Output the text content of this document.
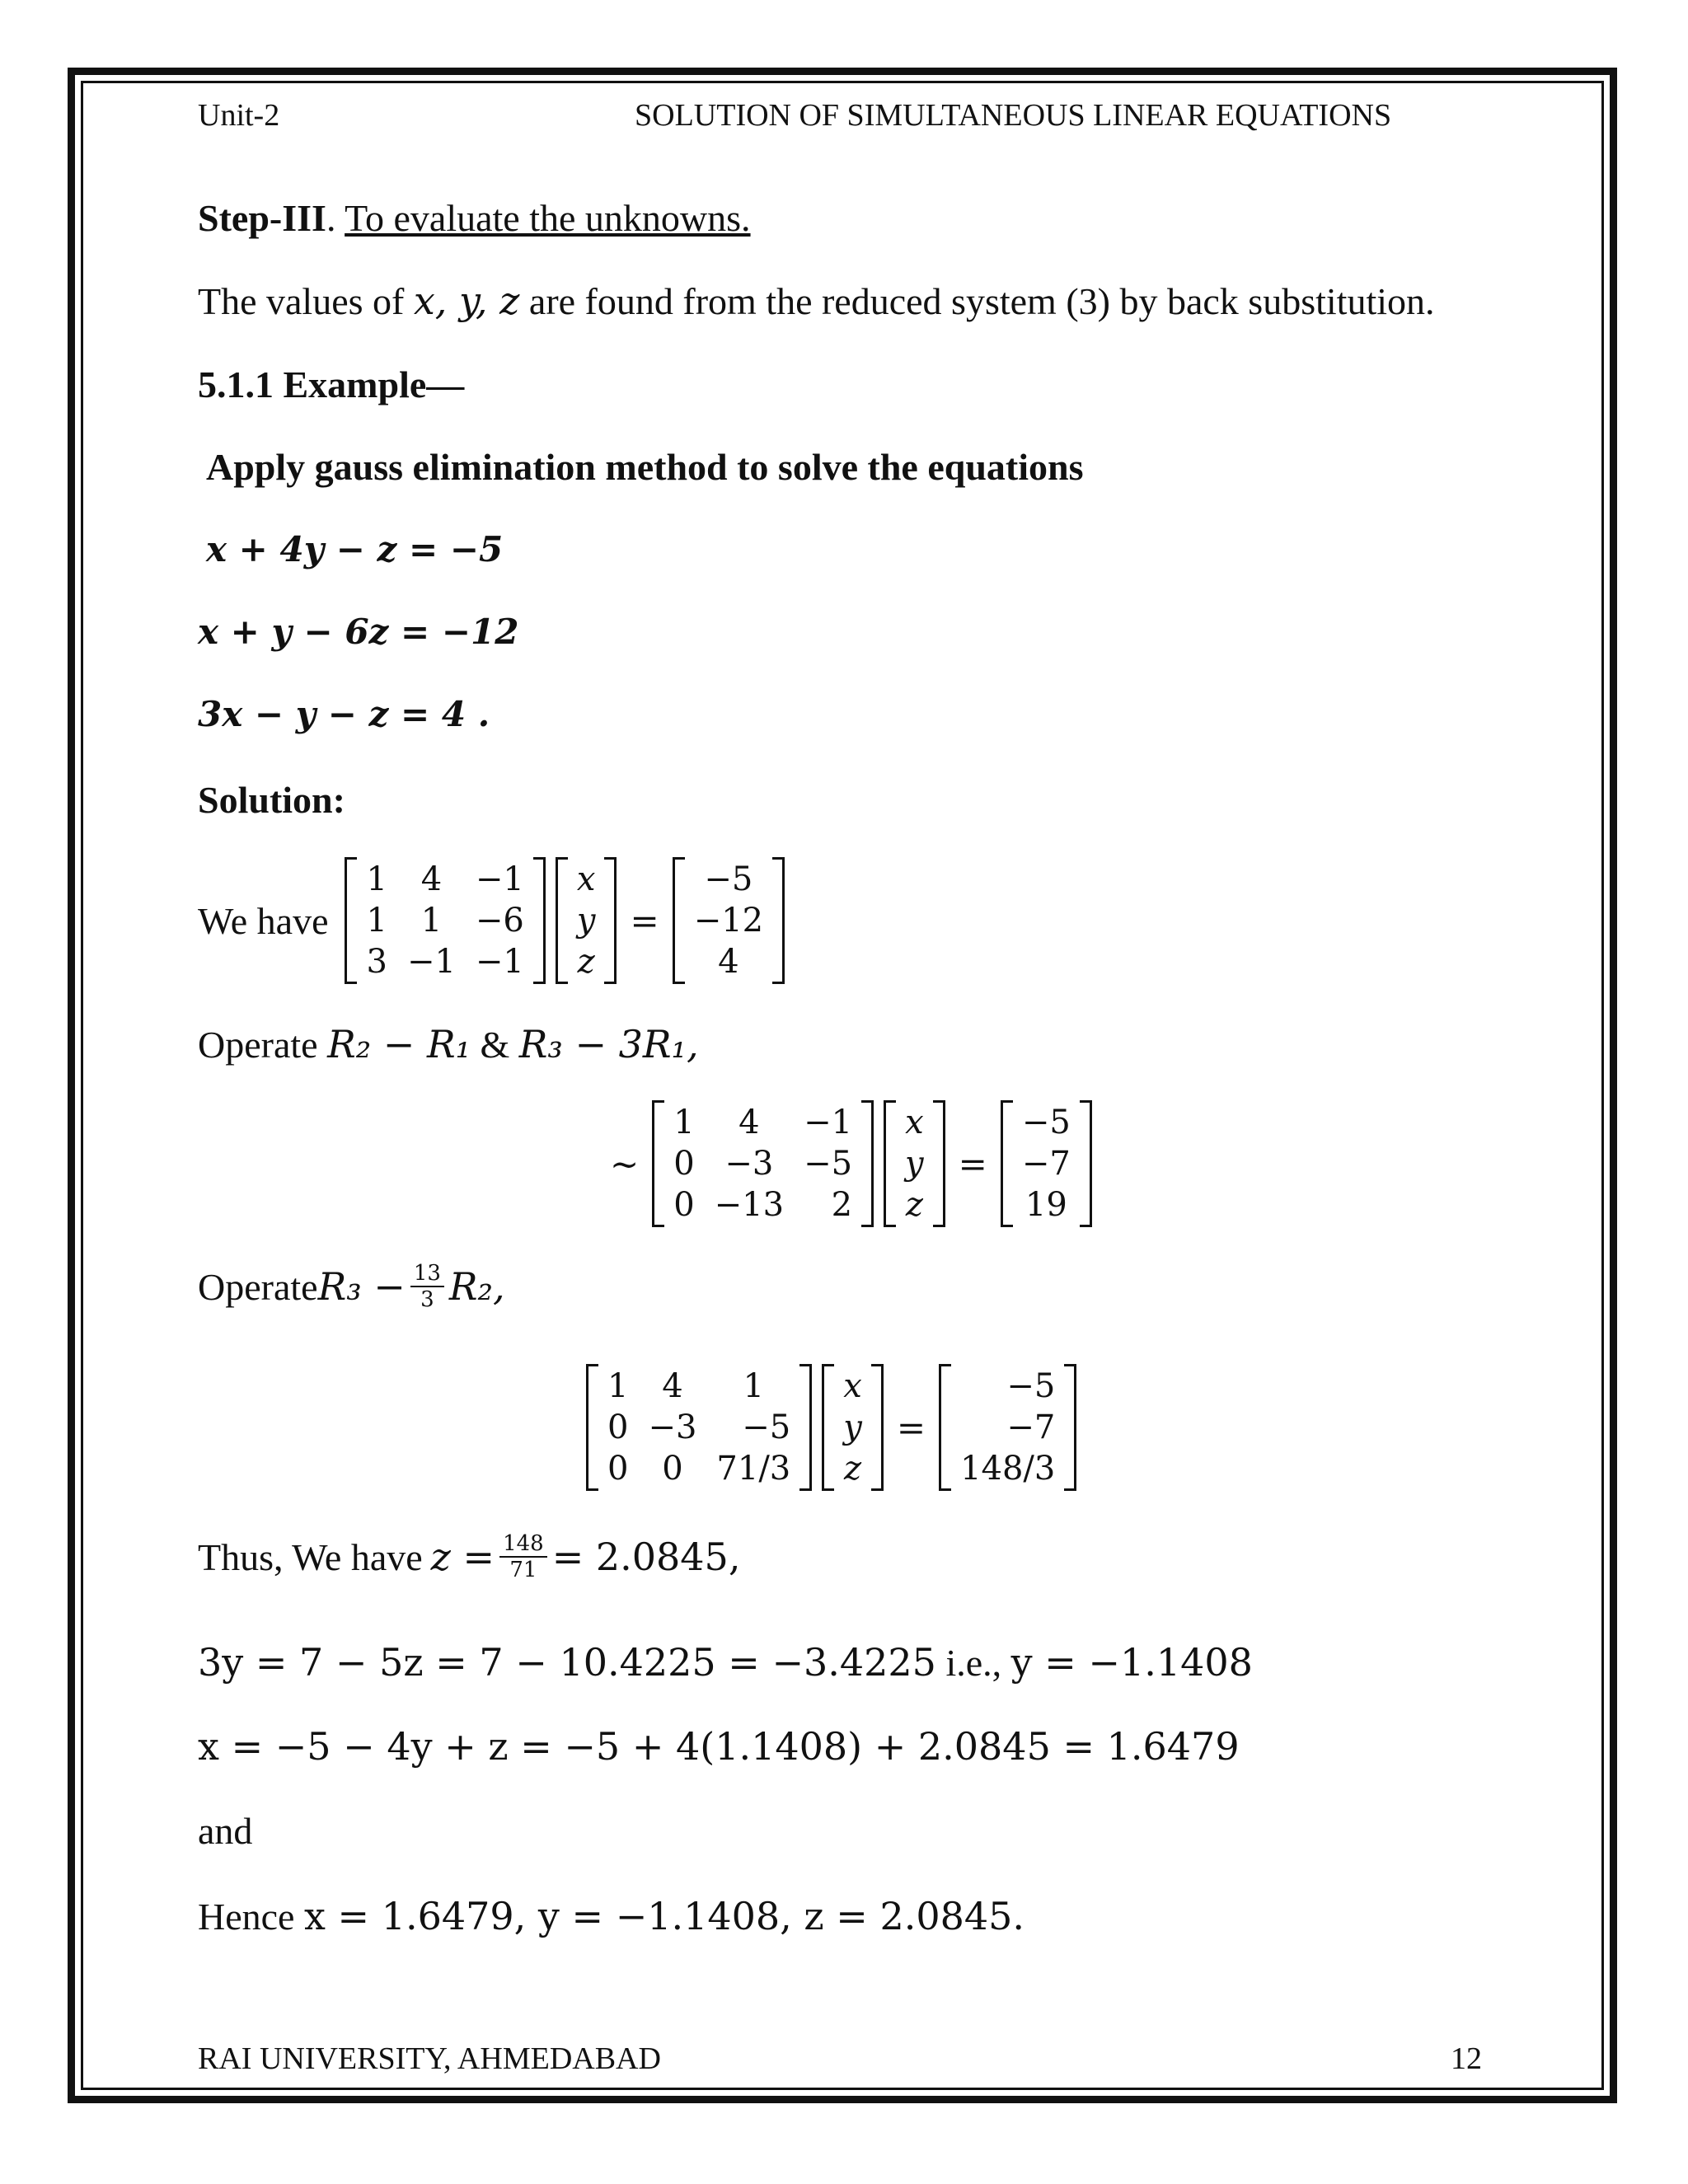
Unit-2	SOLUTION OF SIMULTANEOUS LINEAR EQUATIONS
Step-III. To evaluate the unknowns.
The values of x, y, z are found from the reduced system (3) by back substitution.
5.1.1 Example—
Apply gauss elimination method to solve the equations
x + 4y − z = −5
x + y − 6z = −12
3x − y − z = 4 .
Solution:
We have
1	4	−1
1	1	−6
3 −1 −1
x
y
z
=
−5
−12
4
Operate R₂ − R₁ & R₃ − 3R₁,
~
1	4	−1
0 −3 −5
0 −13	2
x
y
z
=
−5
−7
19
Operate $R_3 - \frac{13}{3} R_2$,
1	4	1
0 −3	−5
0	0	71/3
x
y
z
=
−5
−7
148/3
Thus, We have $z = \frac{148}{71} = 2.0845$,
3y = 7 − 5z = 7 − 10.4225 = −3.4225 i.e., y = −1.1408
x = −5 − 4y + z = −5 + 4(1.1408) + 2.0845 = 1.6479
and
Hence x = 1.6479, y = −1.1408, z = 2.0845.
RAI UNIVERSITY, AHMEDABAD	12
